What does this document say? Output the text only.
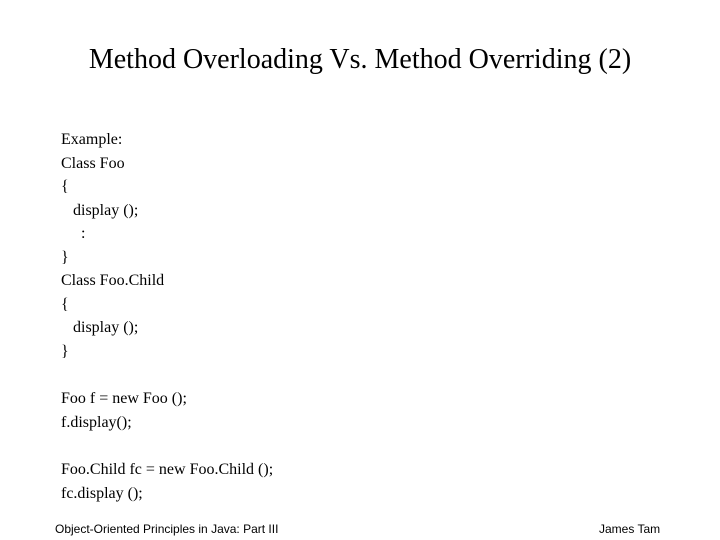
Method Overloading Vs. Method Overriding (2)
Example:
Class Foo
{
display ();
:
}
Class Foo.Child
{
display ();
}
Foo f = new Foo ();
f.display();
Foo.Child fc = new Foo.Child ();
fc.display ();
Object-Oriented Principles in Java: Part III	James Tam
